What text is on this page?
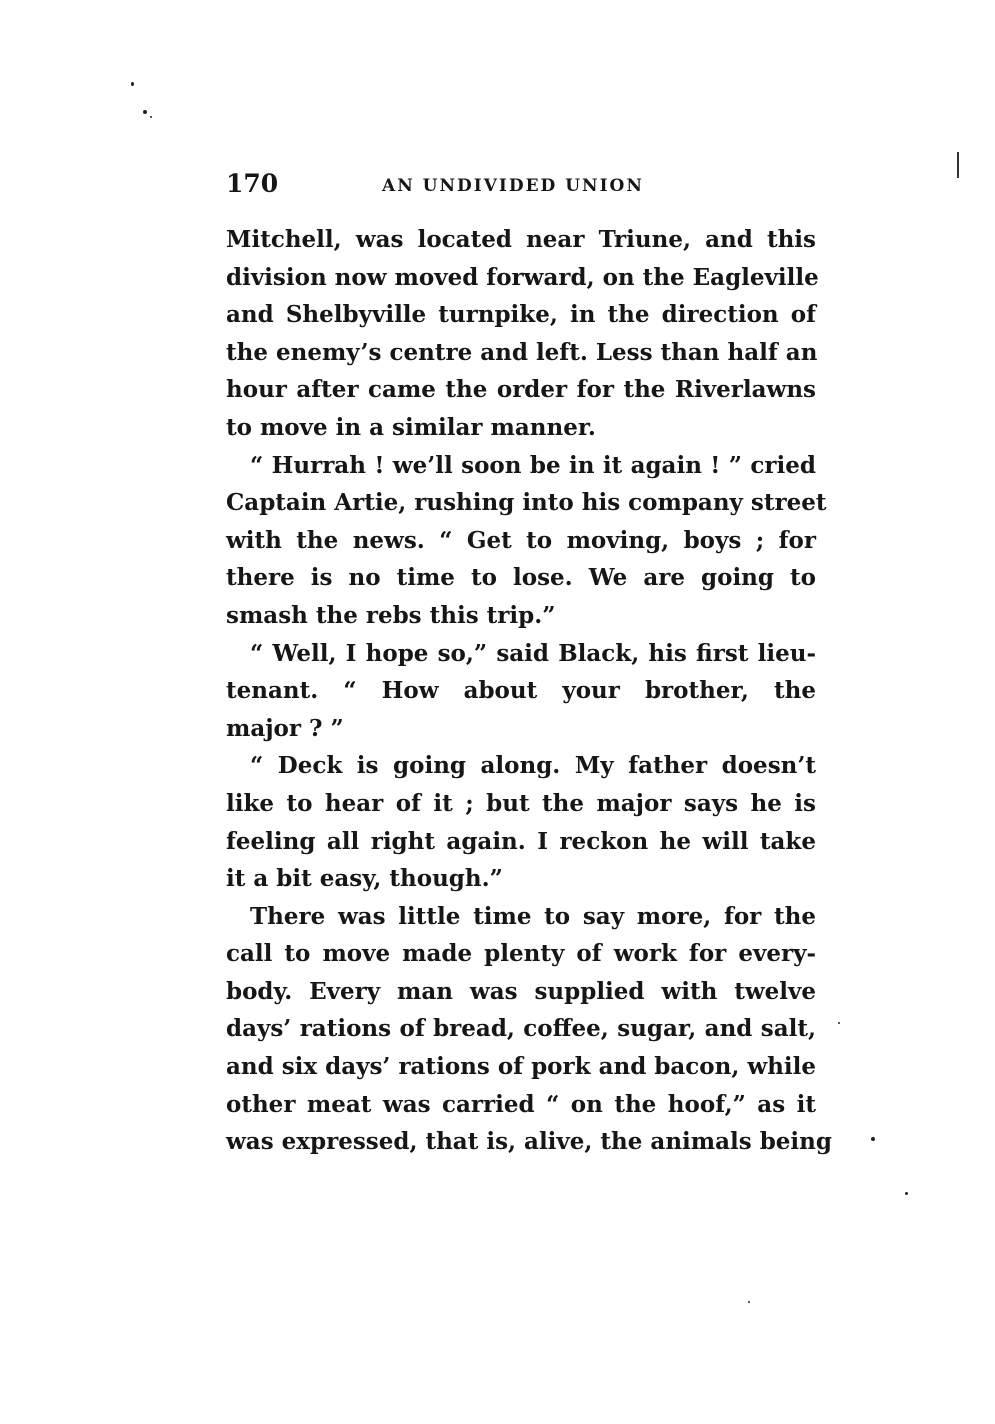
170	AN UNDIVIDED UNION
Mitchell, was located near Triune, and this
division now moved forward, on the Eagleville
and Shelbyville turnpike, in the direction of
the enemy’s centre and left. Less than half an
hour after came the order for the Riverlawns
to move in a similar manner.
“ Hurrah ! we’ll soon be in it again ! ” cried
Captain Artie, rushing into his company street
with the news. “ Get to moving, boys ; for
there is no time to lose. We are going to
smash the rebs this trip.”
“ Well, I hope so,” said Black, his first lieu-
tenant. “ How about your brother, the
major ? ”
“ Deck is going along. My father doesn’t
like to hear of it ; but the major says he is
feeling all right again. I reckon he will take
it a bit easy, though.”
There was little time to say more, for the
call to move made plenty of work for every-
body. Every man was supplied with twelve
days’ rations of bread, coffee, sugar, and salt,
and six days’ rations of pork and bacon, while
other meat was carried “ on the hoof,” as it
was expressed, that is, alive, the animals being
